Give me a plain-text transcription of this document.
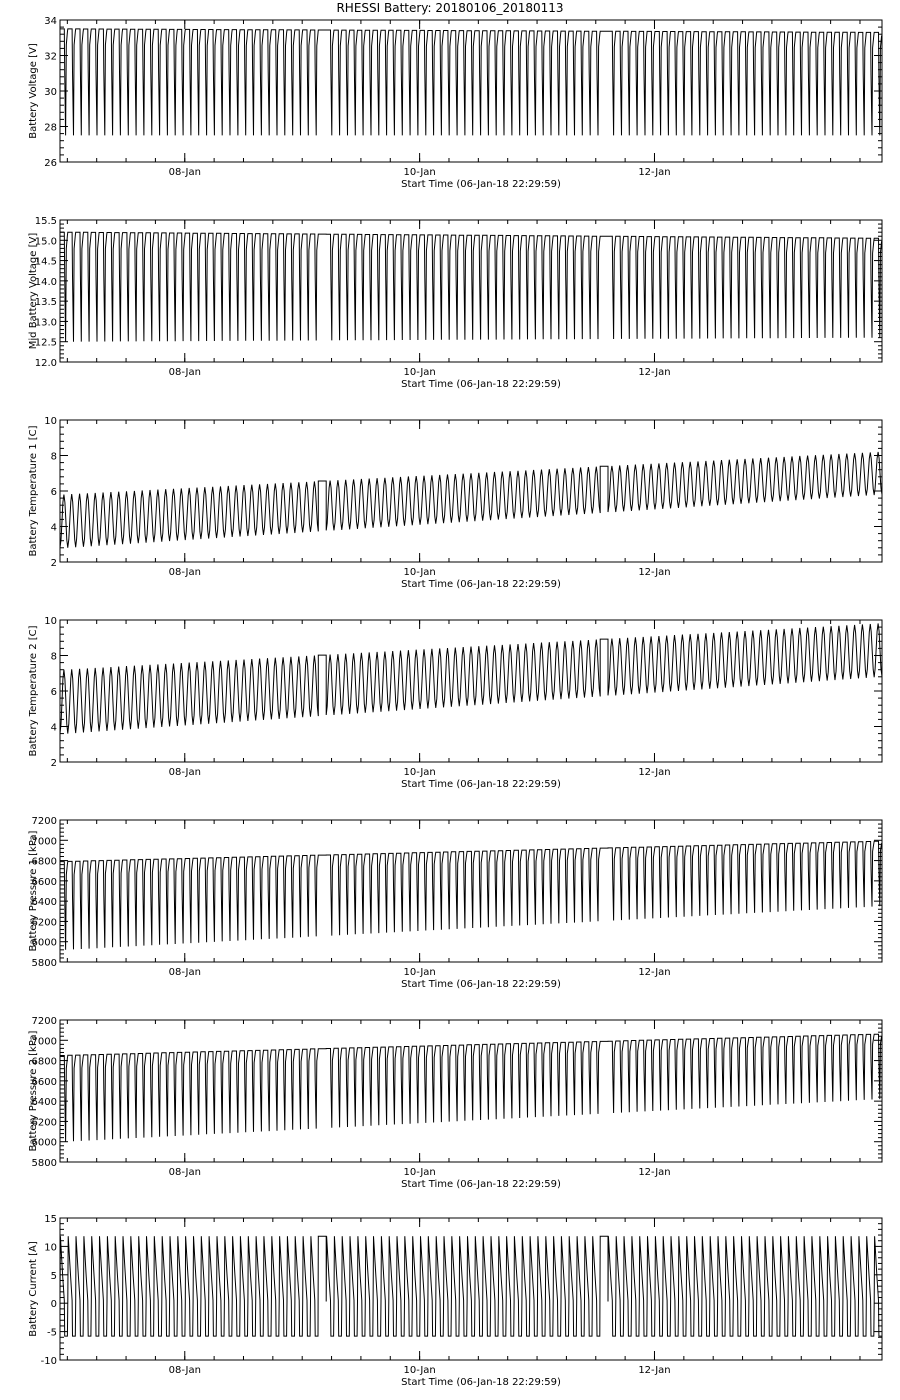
RHESSI Battery: 20180106_20180113
26
28
30
32
34
08-Jan	10-Jan	12-Jan
Start Time (06-Jan-18 22:29:59)
Battery Voltage [V]
12.0
12.5
13.0
13.5
14.0
14.5
15.0
15.5
08-Jan	10-Jan	12-Jan
Start Time (06-Jan-18 22:29:59)
Mid Battery Voltage [V]
2
4
6
8
10
08-Jan	10-Jan	12-Jan
Start Time (06-Jan-18 22:29:59)
Battery Temperature 1 [C]
2
4
6
8
10
08-Jan	10-Jan	12-Jan
Start Time (06-Jan-18 22:29:59)
Battery Temperature 2 [C]
5800
6000
6200
6400
6600
6800
7000
7200
08-Jan	10-Jan	12-Jan
Start Time (06-Jan-18 22:29:59)
Battery Pressure 1 [kPa]
5800
6000
6200
6400
6600
6800
7000
7200
08-Jan	10-Jan	12-Jan
Start Time (06-Jan-18 22:29:59)
Battery Pressure 2 [kPa]
-10
-5
0
5
10
15
08-Jan	10-Jan	12-Jan
Start Time (06-Jan-18 22:29:59)
Battery Current [A]
